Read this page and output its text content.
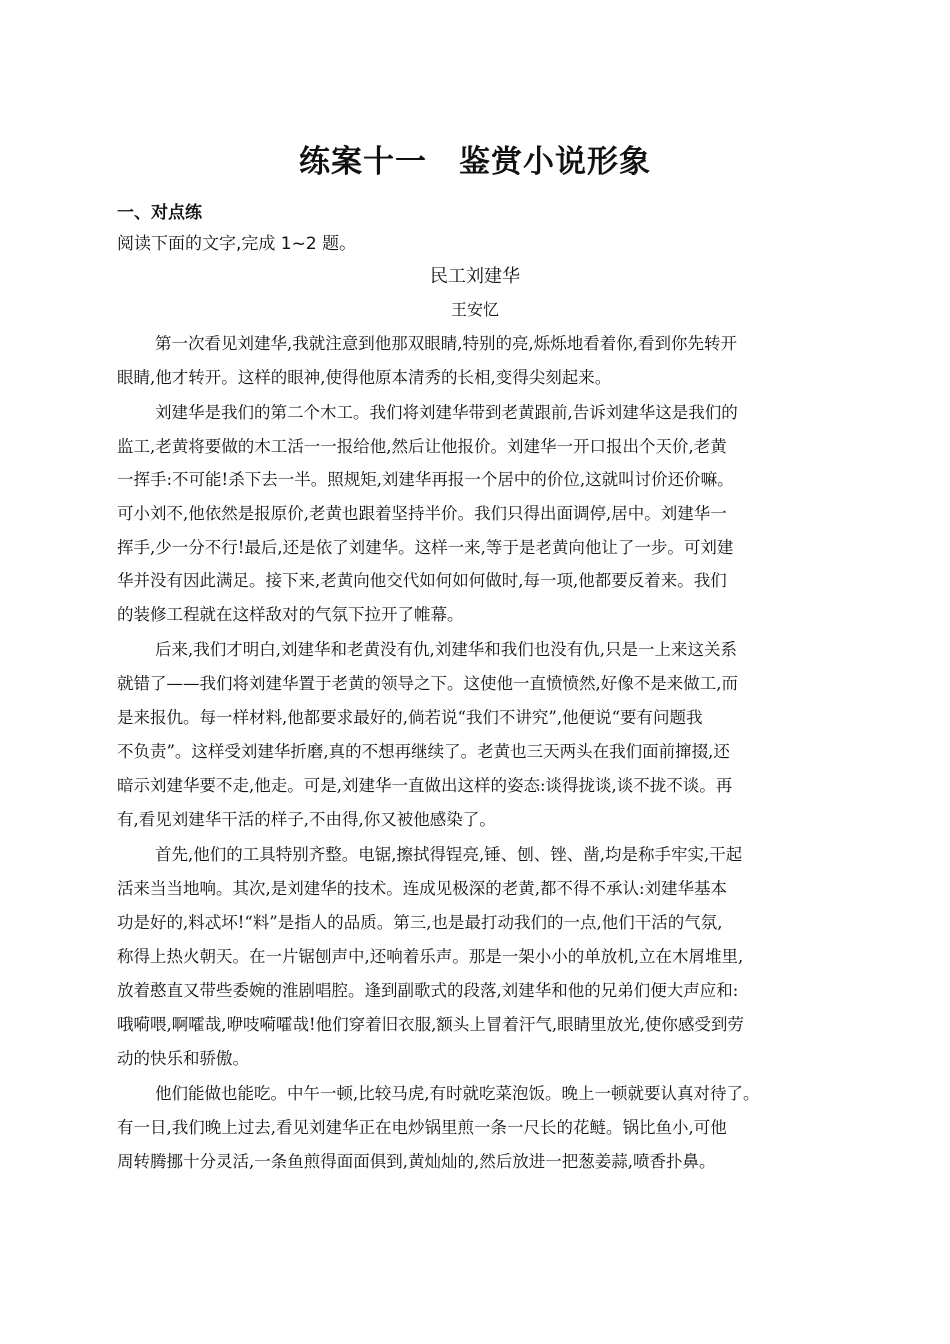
练案十一　鉴赏小说形象
一、对点练
阅读下面的文字,完成 1~2 题。
民工刘建华
王安忆
第一次看见刘建华,我就注意到他那双眼睛,特别的亮,烁烁地看着你,看到你先转开
眼睛,他才转开。这样的眼神,使得他原本清秀的长相,变得尖刻起来。
刘建华是我们的第二个木工。我们将刘建华带到老黄跟前,告诉刘建华这是我们的
监工,老黄将要做的木工活一一报给他,然后让他报价。刘建华一开口报出个天价,老黄
一挥手:不可能!杀下去一半。照规矩,刘建华再报一个居中的价位,这就叫讨价还价嘛。
可小刘不,他依然是报原价,老黄也跟着坚持半价。我们只得出面调停,居中。刘建华一
挥手,少一分不行!最后,还是依了刘建华。这样一来,等于是老黄向他让了一步。可刘建
华并没有因此满足。接下来,老黄向他交代如何如何做时,每一项,他都要反着来。我们
的装修工程就在这样敌对的气氛下拉开了帷幕。
后来,我们才明白,刘建华和老黄没有仇,刘建华和我们也没有仇,只是一上来这关系
就错了——我们将刘建华置于老黄的领导之下。这使他一直愤愤然,好像不是来做工,而
是来报仇。每一样材料,他都要求最好的,倘若说“我们不讲究”,他便说“要有问题我
不负责”。这样受刘建华折磨,真的不想再继续了。老黄也三天两头在我们面前撺掇,还
暗示刘建华要不走,他走。可是,刘建华一直做出这样的姿态:谈得拢谈,谈不拢不谈。再
有,看见刘建华干活的样子,不由得,你又被他感染了。
首先,他们的工具特别齐整。电锯,擦拭得锃亮,锤、刨、锉、凿,均是称手牢实,干起
活来当当地响。其次,是刘建华的技术。连成见极深的老黄,都不得不承认:刘建华基本
功是好的,料忒坏!“料”是指人的品质。第三,也是最打动我们的一点,他们干活的气氛,
称得上热火朝天。在一片锯刨声中,还响着乐声。那是一架小小的单放机,立在木屑堆里,
放着憨直又带些委婉的淮剧唱腔。逢到副歌式的段落,刘建华和他的兄弟们便大声应和:
哦嗬喂,啊嚯哉,咿吱嗬嚯哉!他们穿着旧衣服,额头上冒着汗气,眼睛里放光,使你感受到劳
动的快乐和骄傲。
他们能做也能吃。中午一顿,比较马虎,有时就吃菜泡饭。晚上一顿就要认真对待了。
有一日,我们晚上过去,看见刘建华正在电炒锅里煎一条一尺长的花鲢。锅比鱼小,可他
周转腾挪十分灵活,一条鱼煎得面面俱到,黄灿灿的,然后放进一把葱姜蒜,喷香扑鼻。
